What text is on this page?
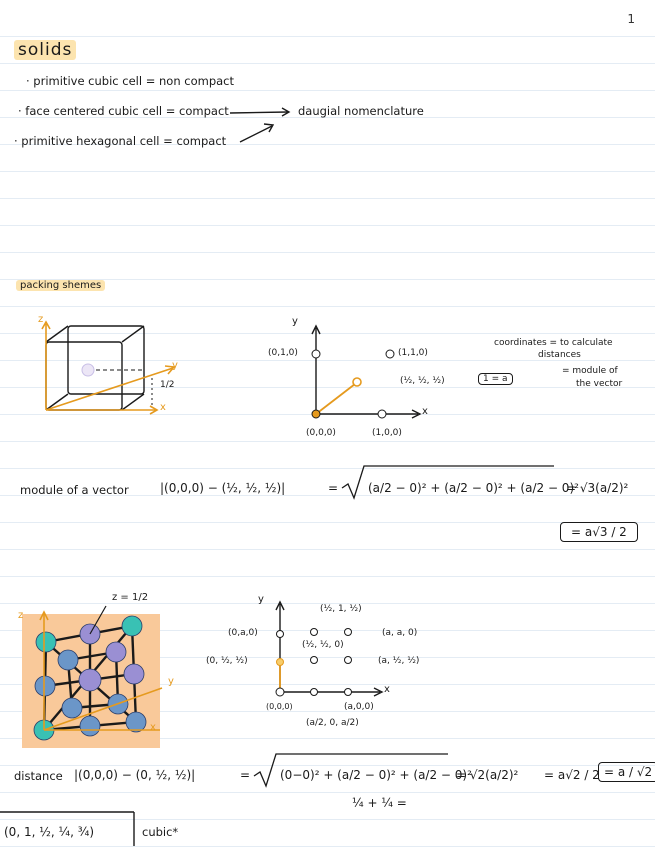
1
solids
· primitive cubic cell = non compact
· face centered cubic cell = compact
· primitive hexagonal cell = compact
daugial nomenclature
packing shemes
z
y
x
1/2
y
x
(0,1,0)	(1,1,0)
(0,0,0)	(1,0,0)
(½, ½, ½)	1 = a
coordinates = to calculate
distances
= module of
the vector
module of a vector	|(0,0,0) − (½, ½, ½)|	= (a/2 − 0)² + (a/2 − 0)² + (a/2 − 0)²
= √3(a/2)²
= a√3 / 2
z = 1/2
z
y
x
y
x
(½, 1, ½)
(0,a,0)	(a, a, 0)
(½, ½, 0)
(0, ½, ½)	(a, ½, ½)
(0,0,0)	(a,0,0)
(a/2, 0, a/2)
distance |(0,0,0) − (0, ½, ½)|	= (0−0)² + (a/2 − 0)² + (a/2 − 0)²
= √2(a/2)² = a√2 / 2 = a / √2
¼ + ¼ =
(0, 1, ½, ¼, ¾)	cubic*
